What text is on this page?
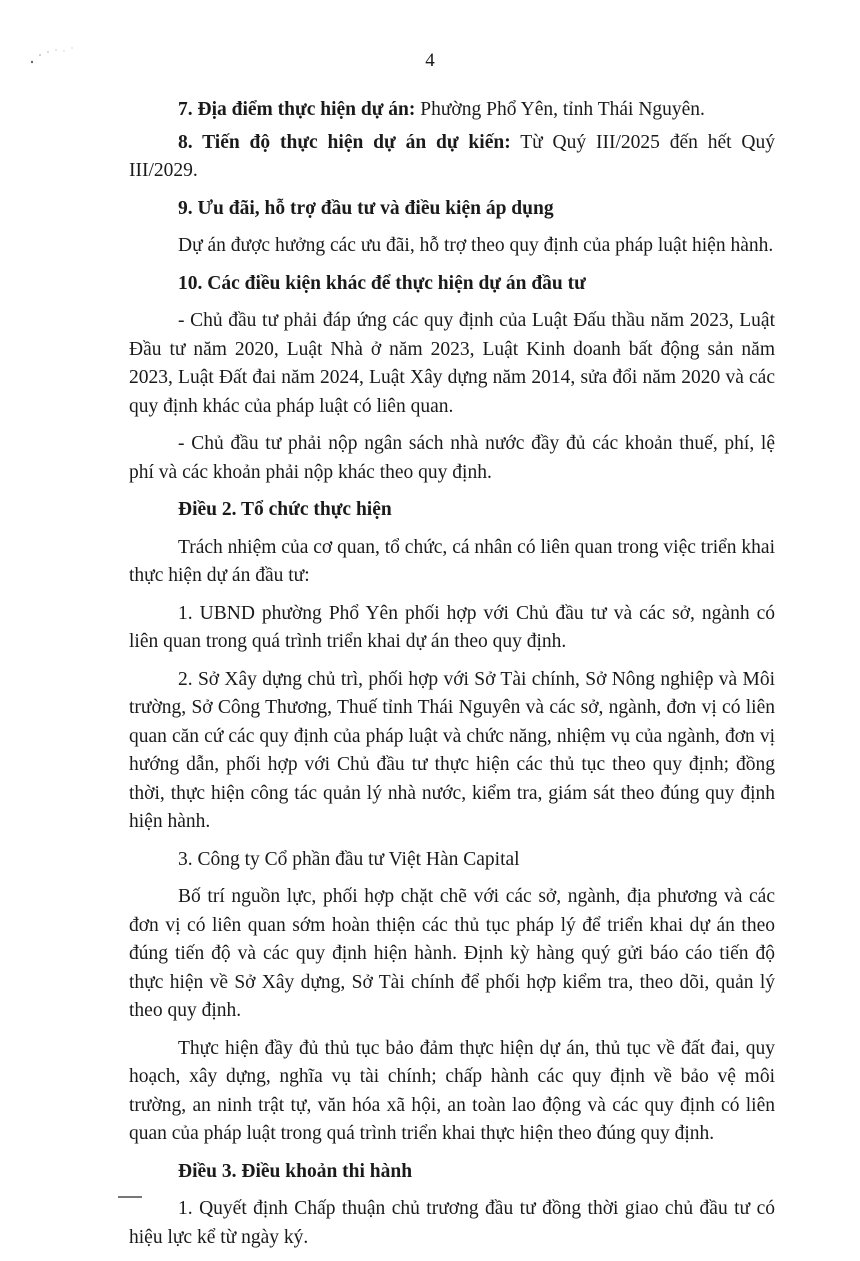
4

7. Địa điểm thực hiện dự án: Phường Phổ Yên, tỉnh Thái Nguyên.

8. Tiến độ thực hiện dự án dự kiến: Từ Quý III/2025 đến hết Quý III/2029.

9. Ưu đãi, hỗ trợ đầu tư và điều kiện áp dụng

Dự án được hưởng các ưu đãi, hỗ trợ theo quy định của pháp luật hiện hành.

10. Các điều kiện khác để thực hiện dự án đầu tư

- Chủ đầu tư phải đáp ứng các quy định của Luật Đấu thầu năm 2023, Luật Đầu tư năm 2020, Luật Nhà ở năm 2023, Luật Kinh doanh bất động sản năm 2023, Luật Đất đai năm 2024, Luật Xây dựng năm 2014, sửa đổi năm 2020 và các quy định khác của pháp luật có liên quan.

- Chủ đầu tư phải nộp ngân sách nhà nước đầy đủ các khoản thuế, phí, lệ phí và các khoản phải nộp khác theo quy định.

Điều 2. Tổ chức thực hiện

Trách nhiệm của cơ quan, tổ chức, cá nhân có liên quan trong việc triển khai thực hiện dự án đầu tư:

1. UBND phường Phổ Yên phối hợp với Chủ đầu tư và các sở, ngành có liên quan trong quá trình triển khai dự án theo quy định.

2. Sở Xây dựng chủ trì, phối hợp với Sở Tài chính, Sở Nông nghiệp và Môi trường, Sở Công Thương, Thuế tỉnh Thái Nguyên và các sở, ngành, đơn vị có liên quan căn cứ các quy định của pháp luật và chức năng, nhiệm vụ của ngành, đơn vị hướng dẫn, phối hợp với Chủ đầu tư thực hiện các thủ tục theo quy định; đồng thời, thực hiện công tác quản lý nhà nước, kiểm tra, giám sát theo đúng quy định hiện hành.

3. Công ty Cổ phần đầu tư Việt Hàn Capital

Bố trí nguồn lực, phối hợp chặt chẽ với các sở, ngành, địa phương và các đơn vị có liên quan sớm hoàn thiện các thủ tục pháp lý để triển khai dự án theo đúng tiến độ và các quy định hiện hành. Định kỳ hàng quý gửi báo cáo tiến độ thực hiện về Sở Xây dựng, Sở Tài chính để phối hợp kiểm tra, theo dõi, quản lý theo quy định.

Thực hiện đầy đủ thủ tục bảo đảm thực hiện dự án, thủ tục về đất đai, quy hoạch, xây dựng, nghĩa vụ tài chính; chấp hành các quy định về bảo vệ môi trường, an ninh trật tự, văn hóa xã hội, an toàn lao động và các quy định có liên quan của pháp luật trong quá trình triển khai thực hiện theo đúng quy định.

Điều 3. Điều khoản thi hành

1. Quyết định Chấp thuận chủ trương đầu tư đồng thời giao chủ đầu tư có hiệu lực kể từ ngày ký.
